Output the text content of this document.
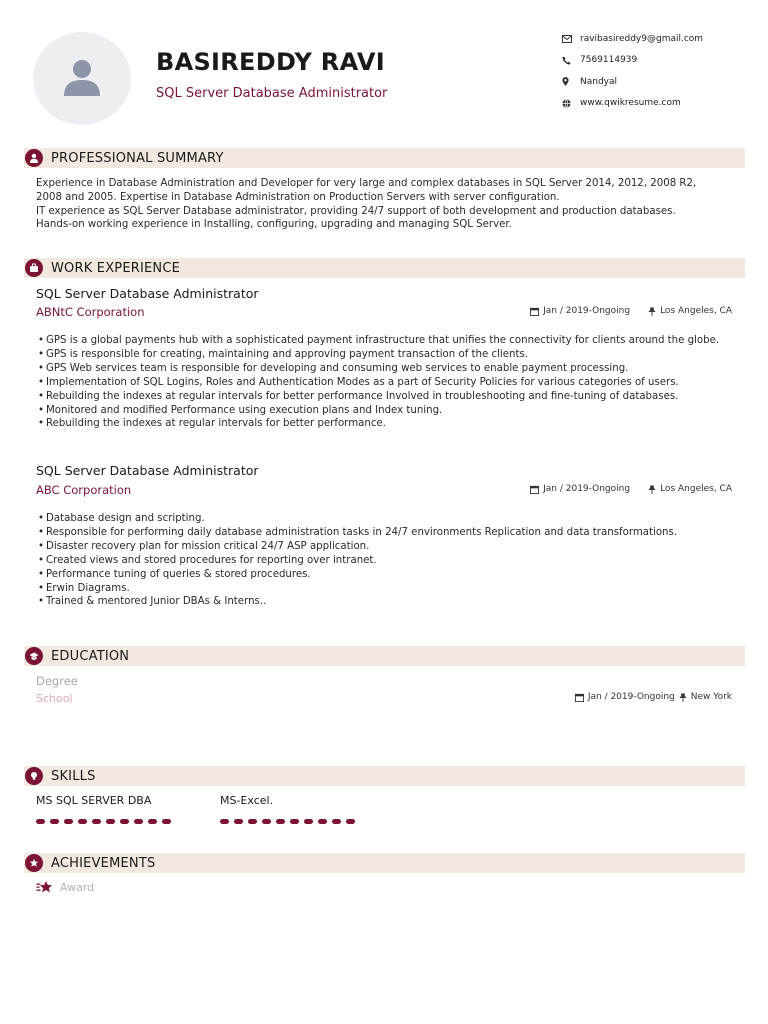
BASIREDDY RAVI
SQL Server Database Administrator
ravibasireddy9@gmail.com
7569114939
Nandyal
www.qwikresume.com
PROFESSIONAL SUMMARY
Experience in Database Administration and Developer for very large and complex databases in SQL Server 2014, 2012, 2008 R2,
2008 and 2005. Expertise in Database Administration on Production Servers with server configuration.
IT experience as SQL Server Database administrator, providing 24/7 support of both development and production databases.
Hands-on working experience in Installing, configuring, upgrading and managing SQL Server.
WORK EXPERIENCE
SQL Server Database Administrator
ABNtC Corporation	Jan / 2019-Ongoing	Los Angeles, CA
• GPS is a global payments hub with a sophisticated payment infrastructure that unifies the connectivity for clients around the globe.
• GPS is responsible for creating, maintaining and approving payment transaction of the clients.
• GPS Web services team is responsible for developing and consuming web services to enable payment processing.
• Implementation of SQL Logins, Roles and Authentication Modes as a part of Security Policies for various categories of users.
• Rebuilding the indexes at regular intervals for better performance Involved in troubleshooting and fine-tuning of databases.
• Monitored and modified Performance using execution plans and Index tuning.
• Rebuilding the indexes at regular intervals for better performance.
SQL Server Database Administrator
ABC Corporation	Jan / 2019-Ongoing	Los Angeles, CA
• Database design and scripting.
• Responsible for performing daily database administration tasks in 24/7 environments Replication and data transformations.
• Disaster recovery plan for mission critical 24/7 ASP application.
• Created views and stored procedures for reporting over intranet.
• Performance tuning of queries & stored procedures.
• Erwin Diagrams.
• Trained & mentored Junior DBAs & Interns..
EDUCATION
Degree
School	Jan / 2019-Ongoing New York
SKILLS
MS SQL SERVER DBA	MS-Excel.
ACHIEVEMENTS
Award
